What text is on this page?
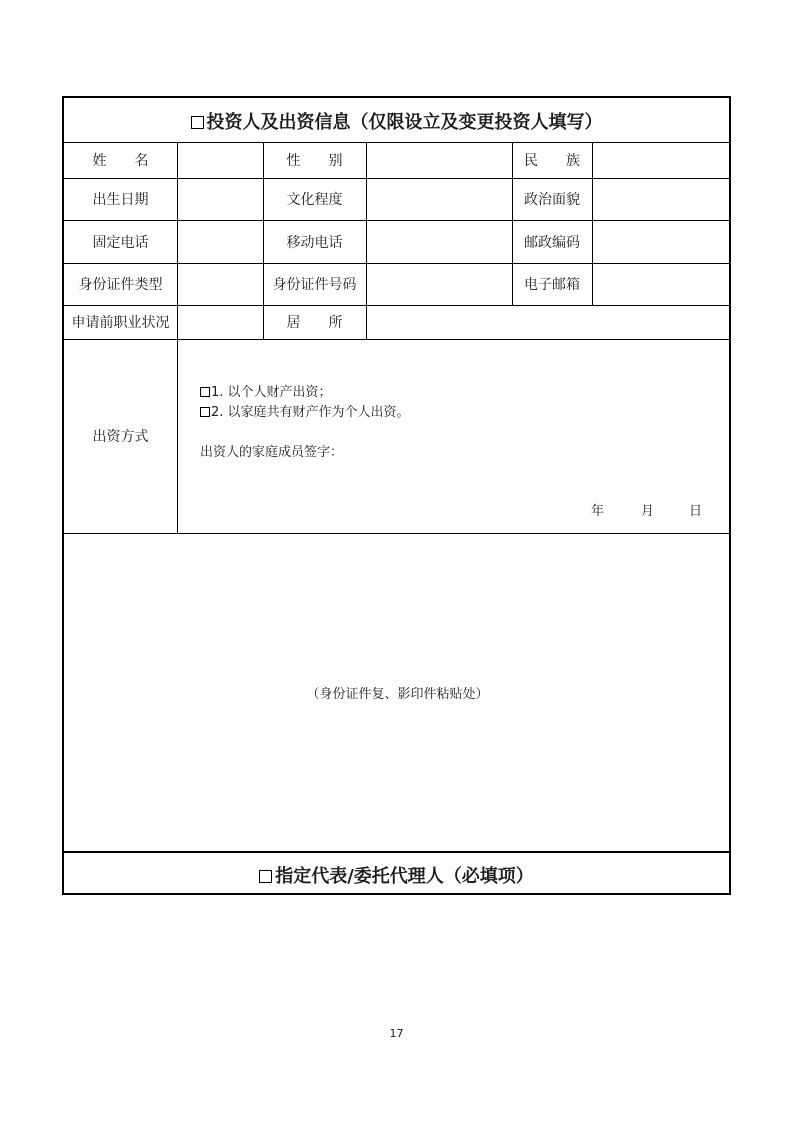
投资人及出资信息（仅限设立及变更投资人填写）
姓　　名	性　　别	民　　族
出生日期	文化程度	政治面貌
固定电话	移动电话	邮政编码
身份证件类型	身份证件号码	电子邮箱
申请前职业状况	居　　所
出资方式
1. 以个人财产出资；
2. 以家庭共有财产作为个人出资。
出资人的家庭成员签字：
年	月	日
（身份证件复、影印件粘贴处）
指定代表/委托代理人（必填项）
17
